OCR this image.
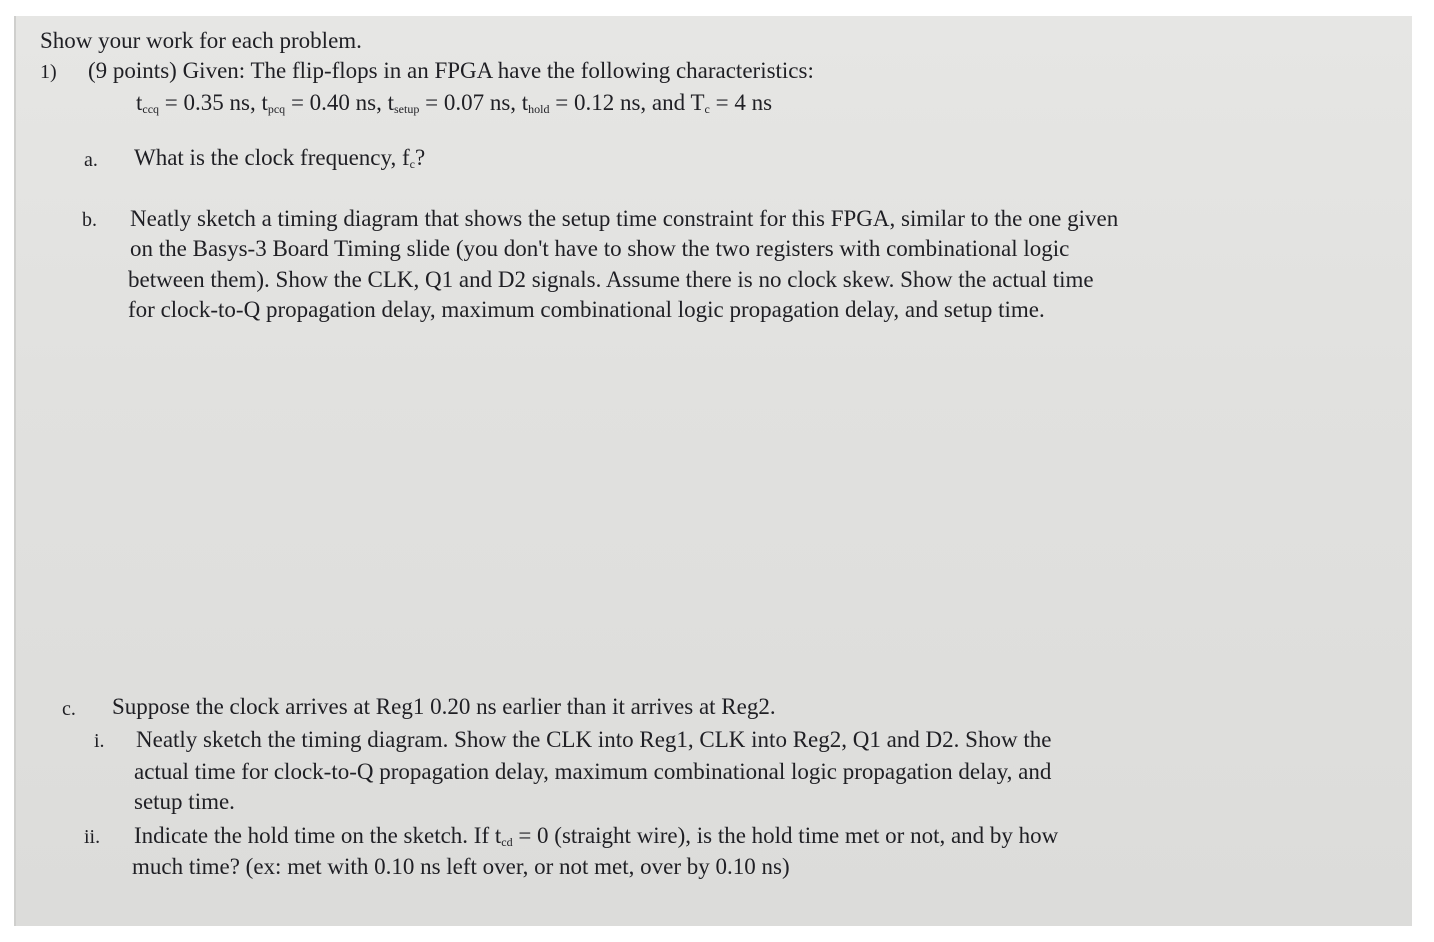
Show your work for each problem.
1) (9 points) Given: The flip-flops in an FPGA have the following characteristics:
$t_{ccq} = 0.35$ ns, $t_{pcq} = 0.40$ ns, $t_{setup} = 0.07$ ns, $t_{hold} = 0.12$ ns, and $T_c = 4$ ns
a. What is the clock frequency, $f_c$?
b. Neatly sketch a timing diagram that shows the setup time constraint for this FPGA, similar to the one given
on the Basys-3 Board Timing slide (you don't have to show the two registers with combinational logic
between them). Show the CLK, Q1 and D2 signals. Assume there is no clock skew. Show the actual time
for clock-to-Q propagation delay, maximum combinational logic propagation delay, and setup time.
c. Suppose the clock arrives at Reg1 0.20 ns earlier than it arrives at Reg2.
i. Neatly sketch the timing diagram. Show the CLK into Reg1, CLK into Reg2, Q1 and D2. Show the
actual time for clock-to-Q propagation delay, maximum combinational logic propagation delay, and
setup time.
ii. Indicate the hold time on the sketch. If $t_{cd} = 0$ (straight wire), is the hold time met or not, and by how
much time? (ex: met with 0.10 ns left over, or not met, over by 0.10 ns)
